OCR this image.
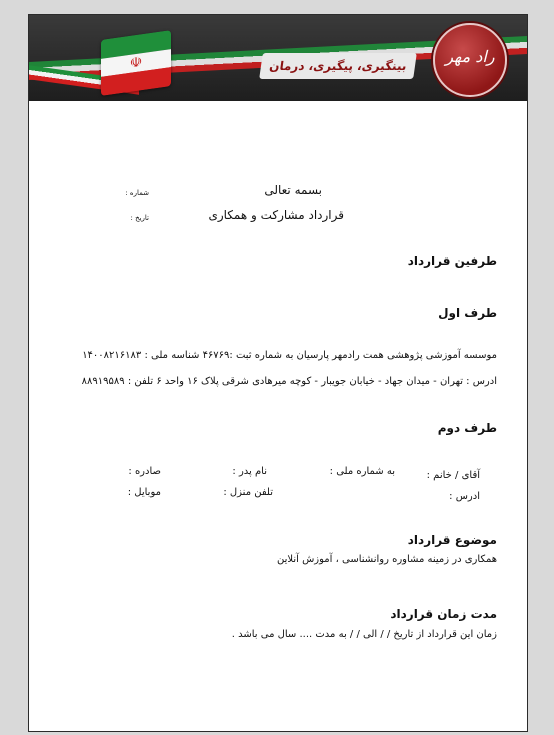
☫	بینگیری، پیگیری، درمان	راد مهر
بسمه تعالی
شماره :
قرارداد مشارکت و همکاری
تاریخ :
طرفین قرارداد
طرف اول
موسسه آموزشی پژوهشی همت رادمهر پارسیان به شماره ثبت :۴۶۷۶۹ شناسه ملی : ۱۴۰۰۸۲۱۶۱۸۳
ادرس : تهران - میدان جهاد - خیابان جویبار - کوچه میرهادی شرقی پلاک ۱۶ واحد ۶ تلفن : ۸۸۹۱۹۵۸۹
طرف دوم
آقای / خانم :
به شماره ملی :
نام پدر :
صادره :
ادرس :
تلفن منزل :
موبایل :
موضوع قرارداد
همکاری در زمینه مشاوره روانشناسی ، آموزش آنلاین
مدت زمان قرارداد
زمان این قرارداد از تاریخ / / الی / / به مدت .... سال می باشد .
